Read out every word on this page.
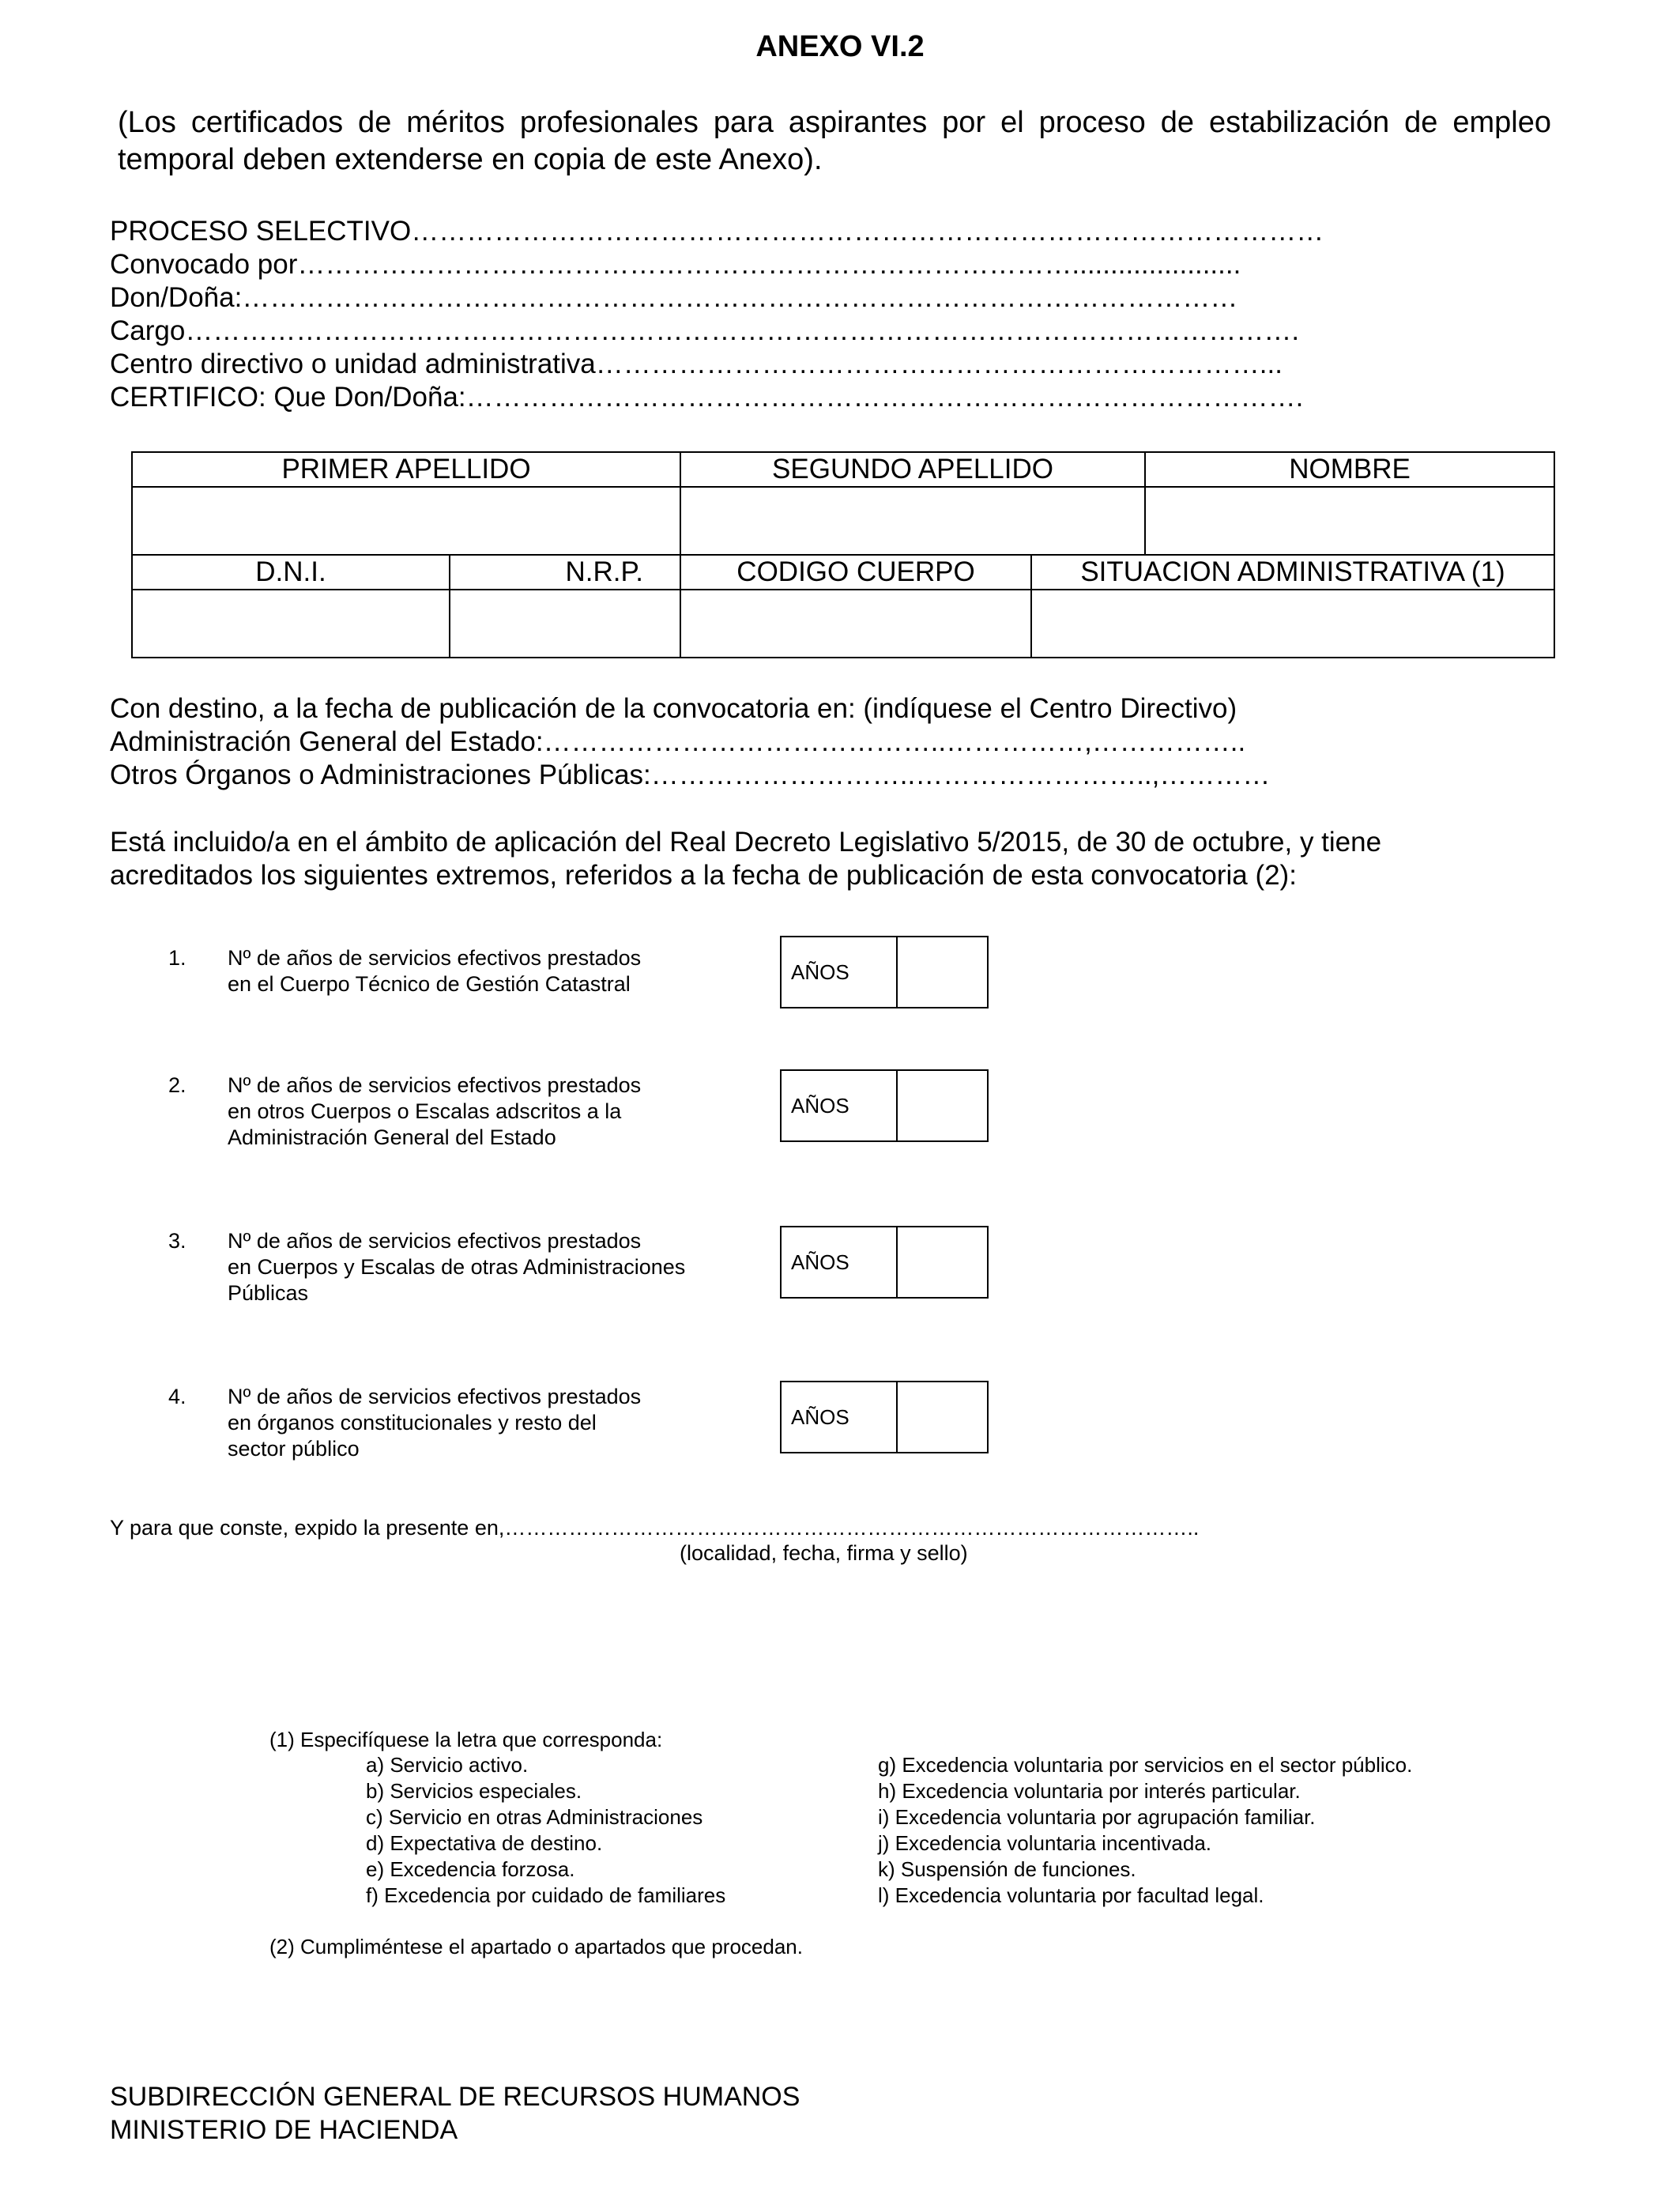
ANEXO VI.2
(Los certificados de méritos profesionales para aspirantes por el proceso de estabilización de empleo temporal deben extenderse en copia de este Anexo).
PROCESO SELECTIVO………………………………………………………………………………………
Convocado por…………………………………………………………………………......................
Don/Doña:………………………………………………………………………………………………
Cargo………………………………………………………………………………………………………….
Centro directivo o unidad administrativa………………………………………………………………...
CERTIFICO: Que Don/Doña:……………………………………………………………………………….
PRIMER APELLIDO		SEGUNDO APELLIDO NOMBRE	

D.N.I.	N.R.P.	CODIGO CUERPO	SITUACION ADMINISTRATIVA (1)

Con destino, a la fecha de publicación de la convocatoria en: (indíquese el Centro Directivo)
Administración General del Estado:……………………………………..……………,……………..
Otros Órganos o Administraciones Públicas:………………………..……………………..,…………
Está incluido/a en el ámbito de aplicación del Real Decreto Legislativo 5/2015, de 30 de octubre, y tiene
acreditados los siguientes extremos, referidos a la fecha de publicación de esta convocatoria (2):
1. Nº de años de servicios efectivos prestados
en el Cuerpo Técnico de Gestión Catastral
AÑOS
2. Nº de años de servicios efectivos prestados
en otros Cuerpos o Escalas adscritos a la
Administración General del Estado
AÑOS
3. Nº de años de servicios efectivos prestados
en Cuerpos y Escalas de otras Administraciones
Públicas
AÑOS
4. Nº de años de servicios efectivos prestados
en órganos constitucionales y resto del
sector público
AÑOS
Y para que conste, expido la presente en,……………………………………………………………………………………..
(localidad, fecha, firma y sello)
(1) Especifíquese la letra que corresponda:
a) Servicio activo.
b) Servicios especiales.
c) Servicio en otras Administraciones
d) Expectativa de destino.
e) Excedencia forzosa.
f) Excedencia por cuidado de familiares
g) Excedencia voluntaria por servicios en el sector público.
h) Excedencia voluntaria por interés particular.
i) Excedencia voluntaria por agrupación familiar.
j) Excedencia voluntaria incentivada.
k) Suspensión de funciones.
l) Excedencia voluntaria por facultad legal.
(2) Cumpliméntese el apartado o apartados que procedan.
SUBDIRECCIÓN GENERAL DE RECURSOS HUMANOS
MINISTERIO DE HACIENDA
